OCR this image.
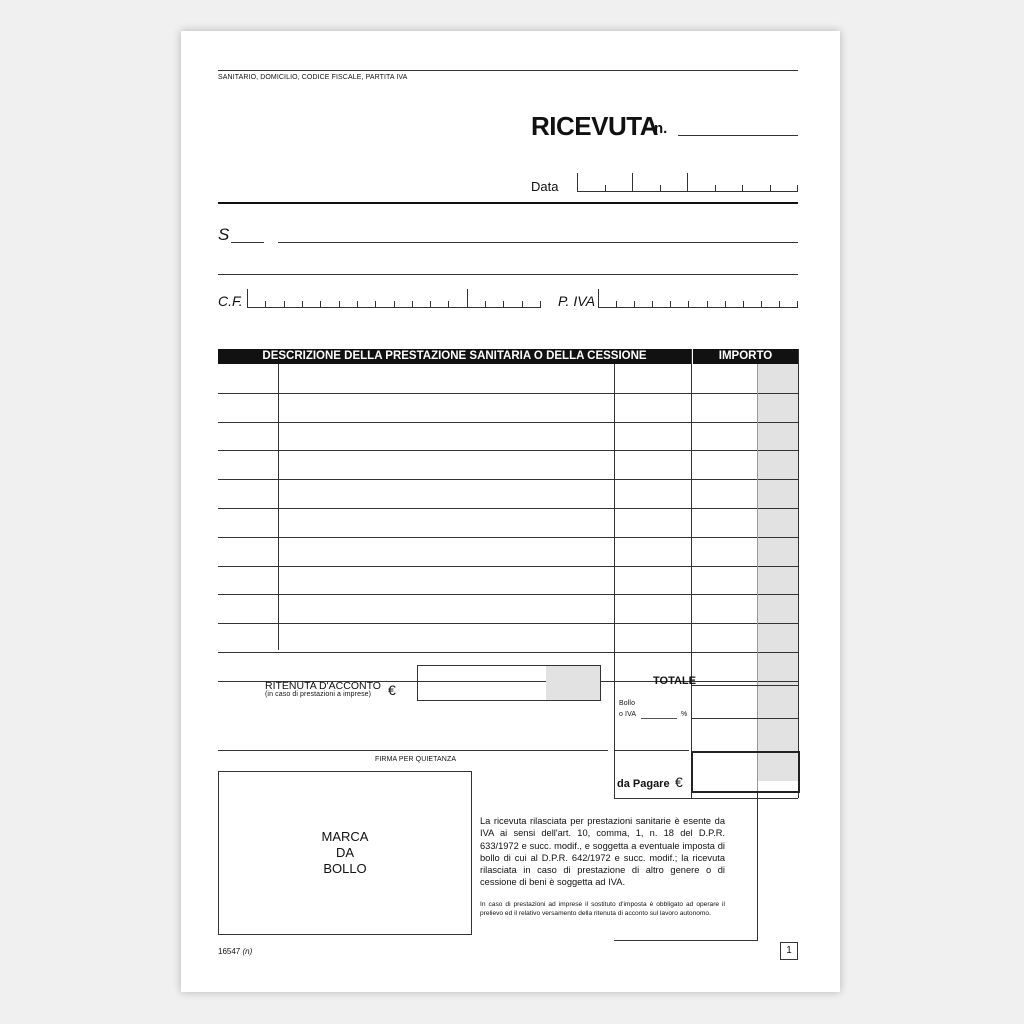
SANITARIO, DOMICILIO, CODICE FISCALE, PARTITA IVA
RICEVUTA
n.
Data
S
C.F.	P. IVA
DESCRIZIONE DELLA PRESTAZIONE SANITARIA O DELLA CESSIONE	IMPORTO
RITENUTA D'ACCONTO
(in caso di prestazioni a imprese) €
TOTALE
Bollo
o IVA	%
da Pagare €
FIRMA PER QUIETANZA
MARCA
DA
BOLLO
La ricevuta rilasciata per prestazioni sanitarie è esente da IVA ai sensi dell'art. 10, comma, 1, n. 18 del D.P.R. 633/1972 e succ. modif., e soggetta a eventuale imposta di bollo di cui al D.P.R. 642/1972 e succ. modif.; la ricevuta rilasciata in caso di prestazione di altro genere o di cessione di beni è soggetta ad IVA.
In caso di prestazioni ad imprese il sostituto d'imposta è obbligato ad operare il prelievo ed il relativo versamento della ritenuta di acconto sul lavoro autonomo.
16547 (n)	1
